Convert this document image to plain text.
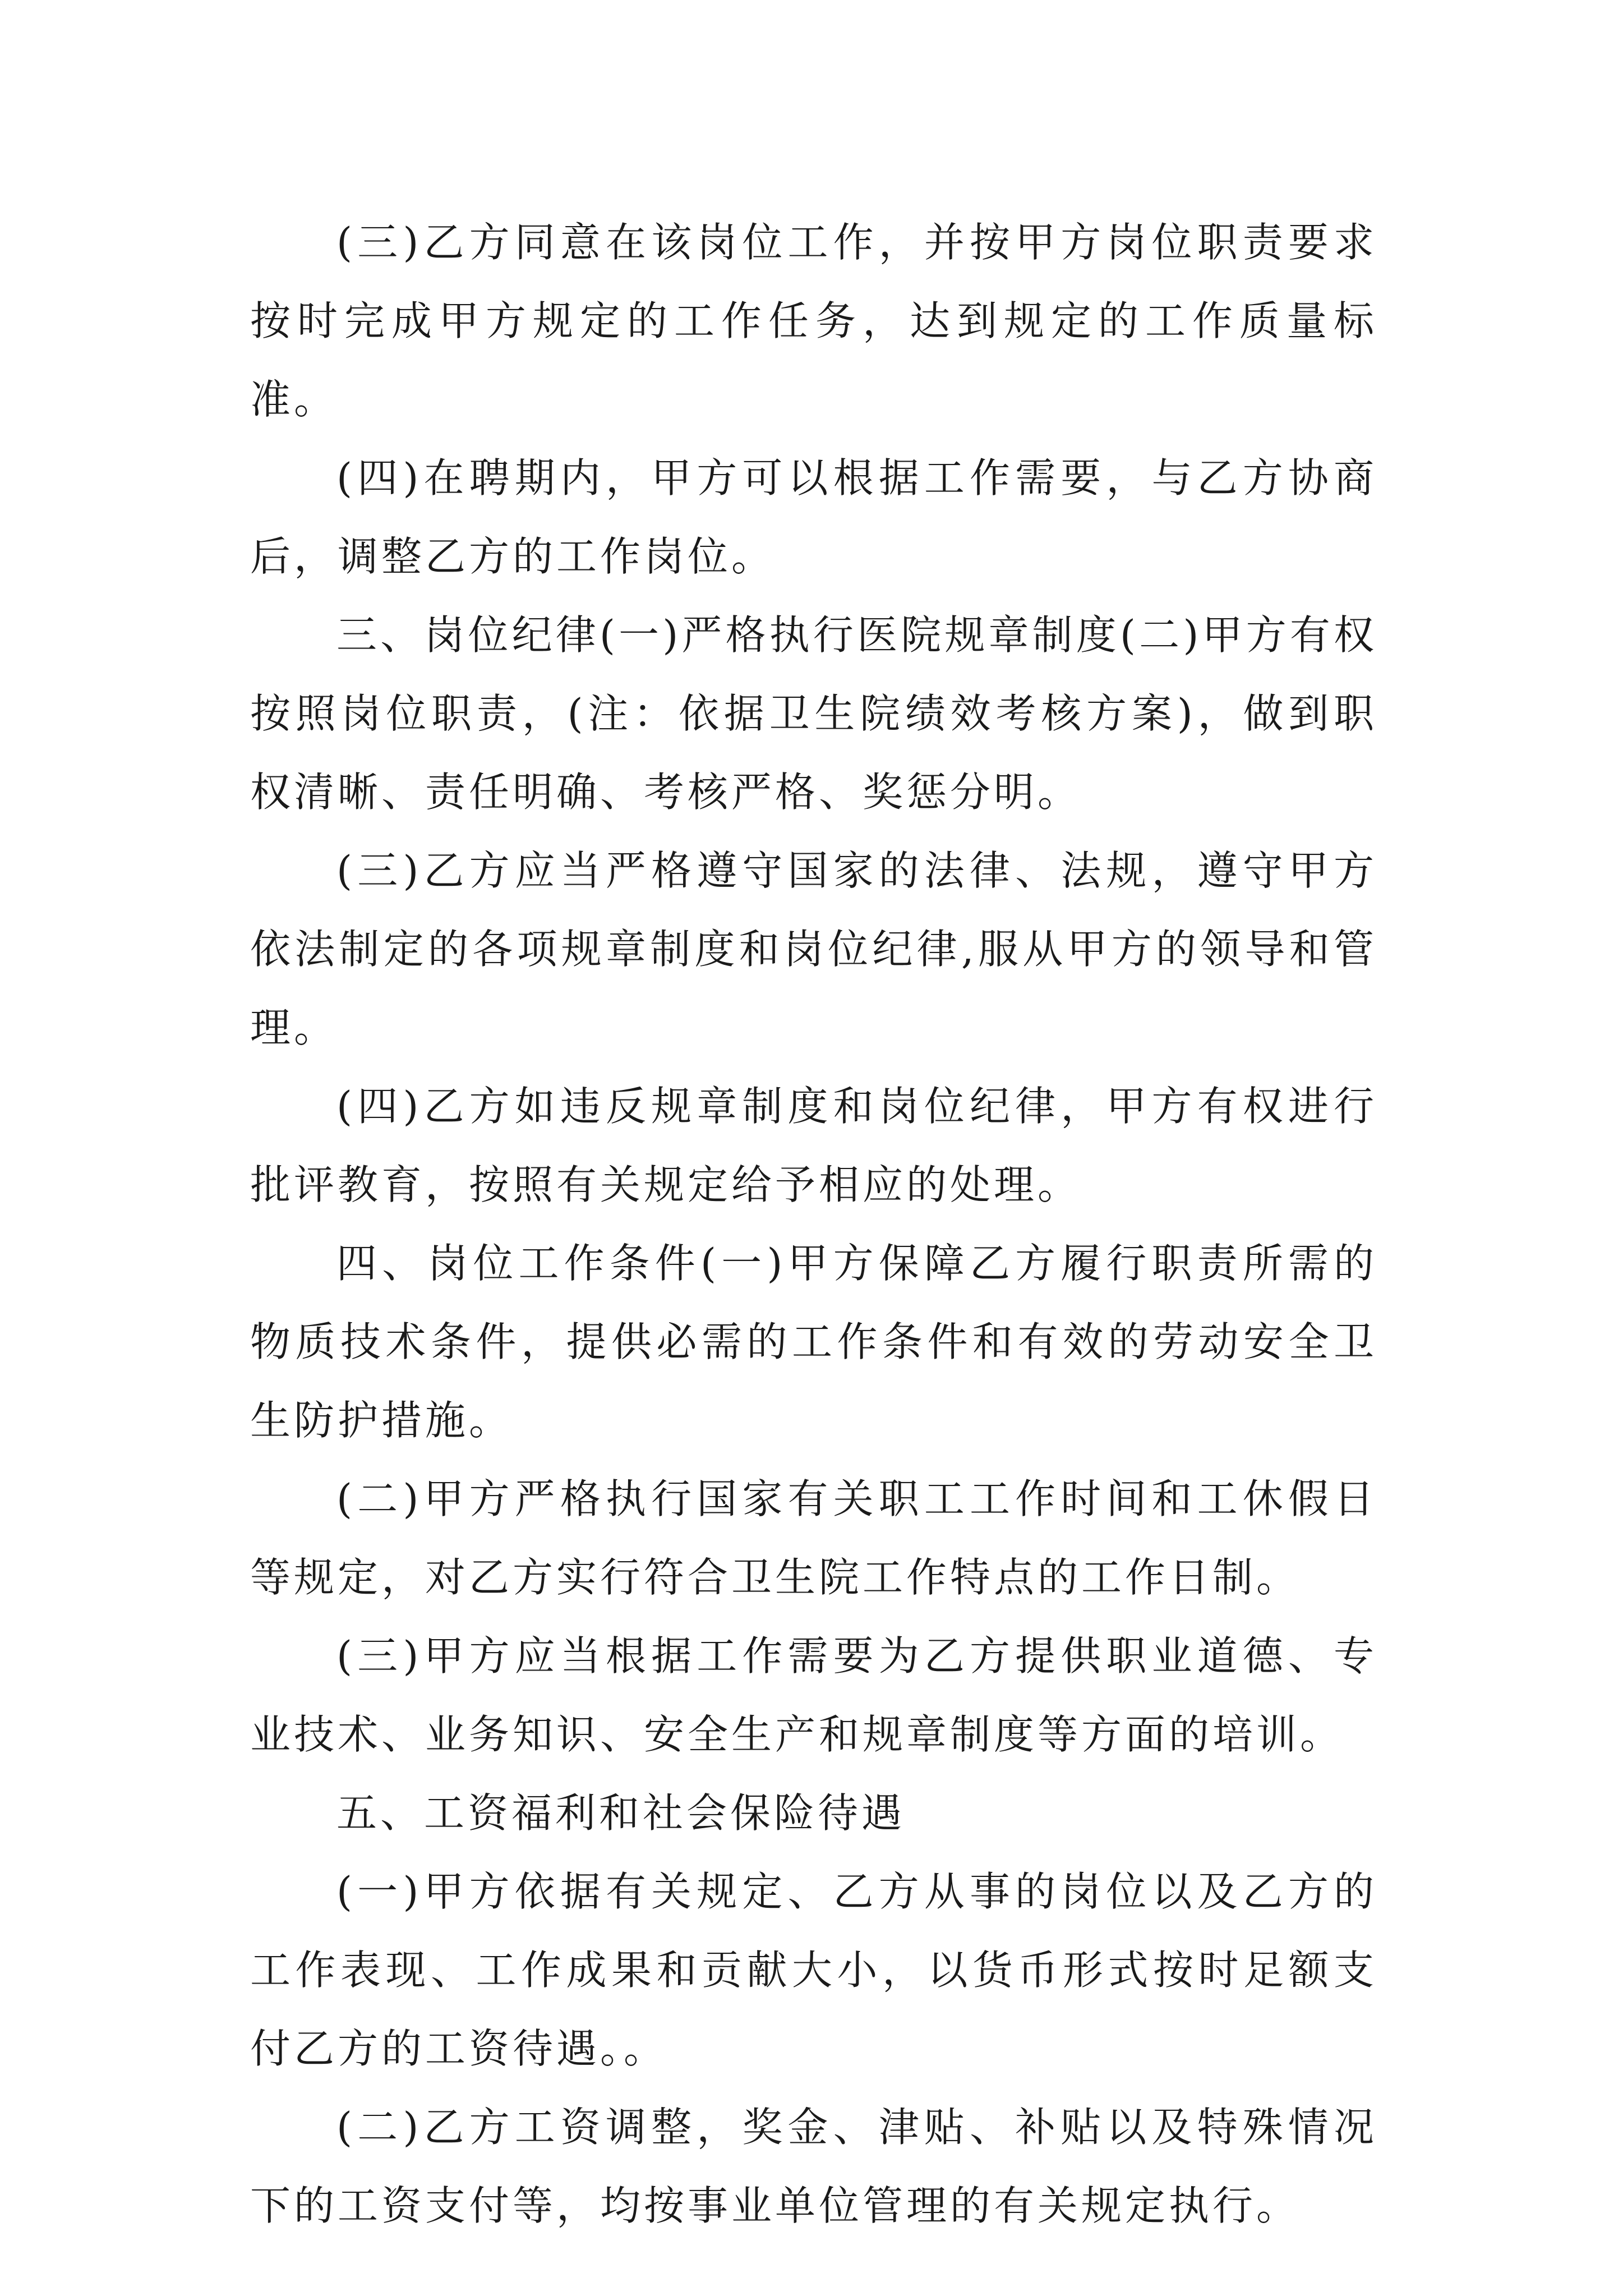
(三)乙方同意在该岗位工作，并按甲方岗位职责要求按时完成甲方规定的工作任务，达到规定的工作质量标准。

(四)在聘期内，甲方可以根据工作需要，与乙方协商后，调整乙方的工作岗位。

三、岗位纪律(一)严格执行医院规章制度(二)甲方有权按照岗位职责，(注：依据卫生院绩效考核方案)，做到职权清晰、责任明确、考核严格、奖惩分明。

(三)乙方应当严格遵守国家的法律、法规，遵守甲方依法制定的各项规章制度和岗位纪律,服从甲方的领导和管理。

(四)乙方如违反规章制度和岗位纪律，甲方有权进行批评教育，按照有关规定给予相应的处理。

四、岗位工作条件(一)甲方保障乙方履行职责所需的物质技术条件，提供必需的工作条件和有效的劳动安全卫生防护措施。

(二)甲方严格执行国家有关职工工作时间和工休假日等规定，对乙方实行符合卫生院工作特点的工作日制。

(三)甲方应当根据工作需要为乙方提供职业道德、专业技术、业务知识、安全生产和规章制度等方面的培训。

五、工资福利和社会保险待遇

(一)甲方依据有关规定、乙方从事的岗位以及乙方的工作表现、工作成果和贡献大小，以货币形式按时足额支付乙方的工资待遇。。

(二)乙方工资调整，奖金、津贴、补贴以及特殊情况下的工资支付等，均按事业单位管理的有关规定执行。
